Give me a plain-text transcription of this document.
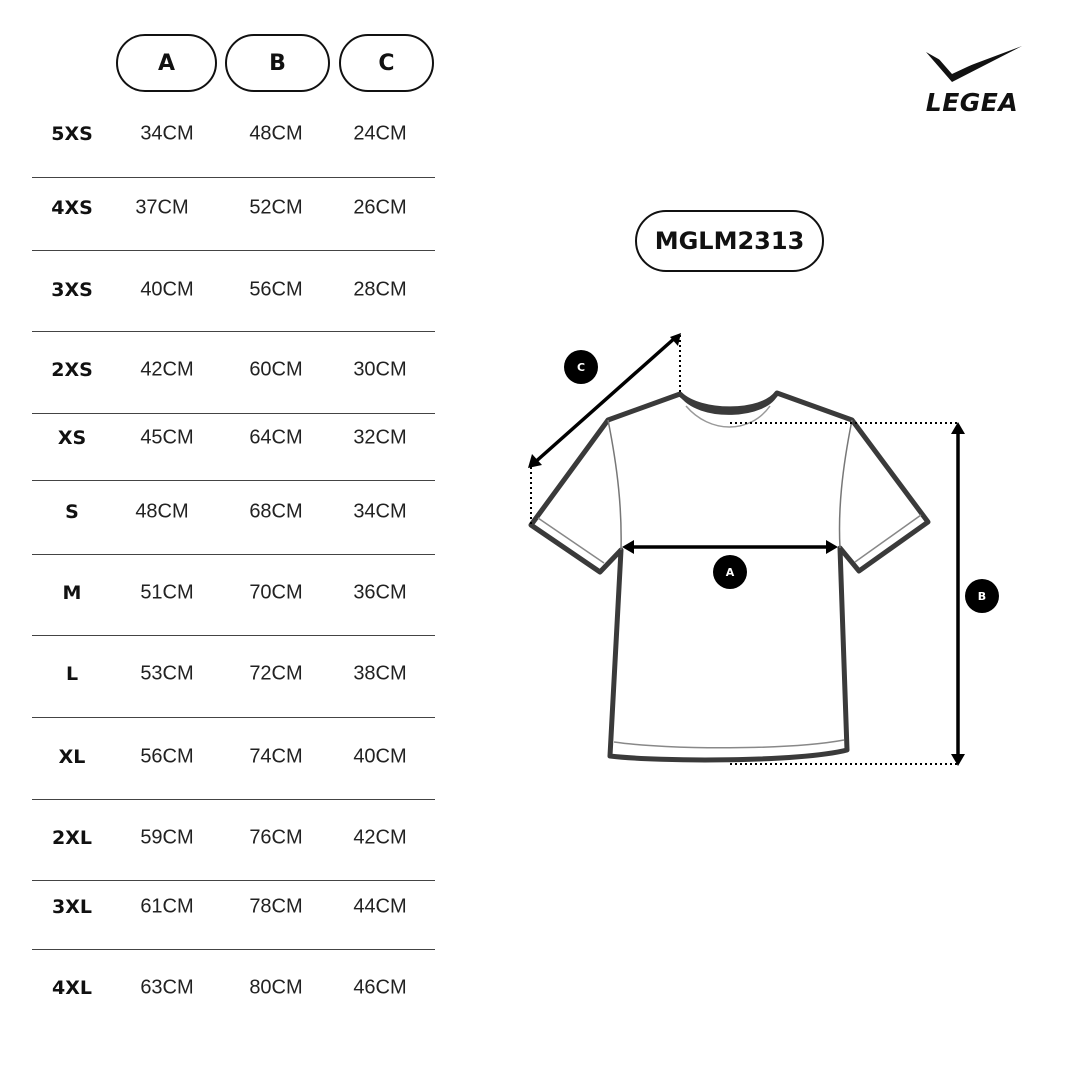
A	B	C
5XS	34CM	48CM	24CM
4XS	37CM	52CM	26CM
3XS	40CM	56CM	28CM
2XS	42CM	60CM	30CM
XS	45CM	64CM	32CM
S	48CM	68CM	34CM
M	51CM	70CM	36CM
L	53CM	72CM	38CM
XL	56CM	74CM	40CM
2XL	59CM	76CM	42CM
3XL	61CM	78CM	44CM
4XL	63CM	80CM	46CM
LEGEA
MGLM2313
C
A
B
